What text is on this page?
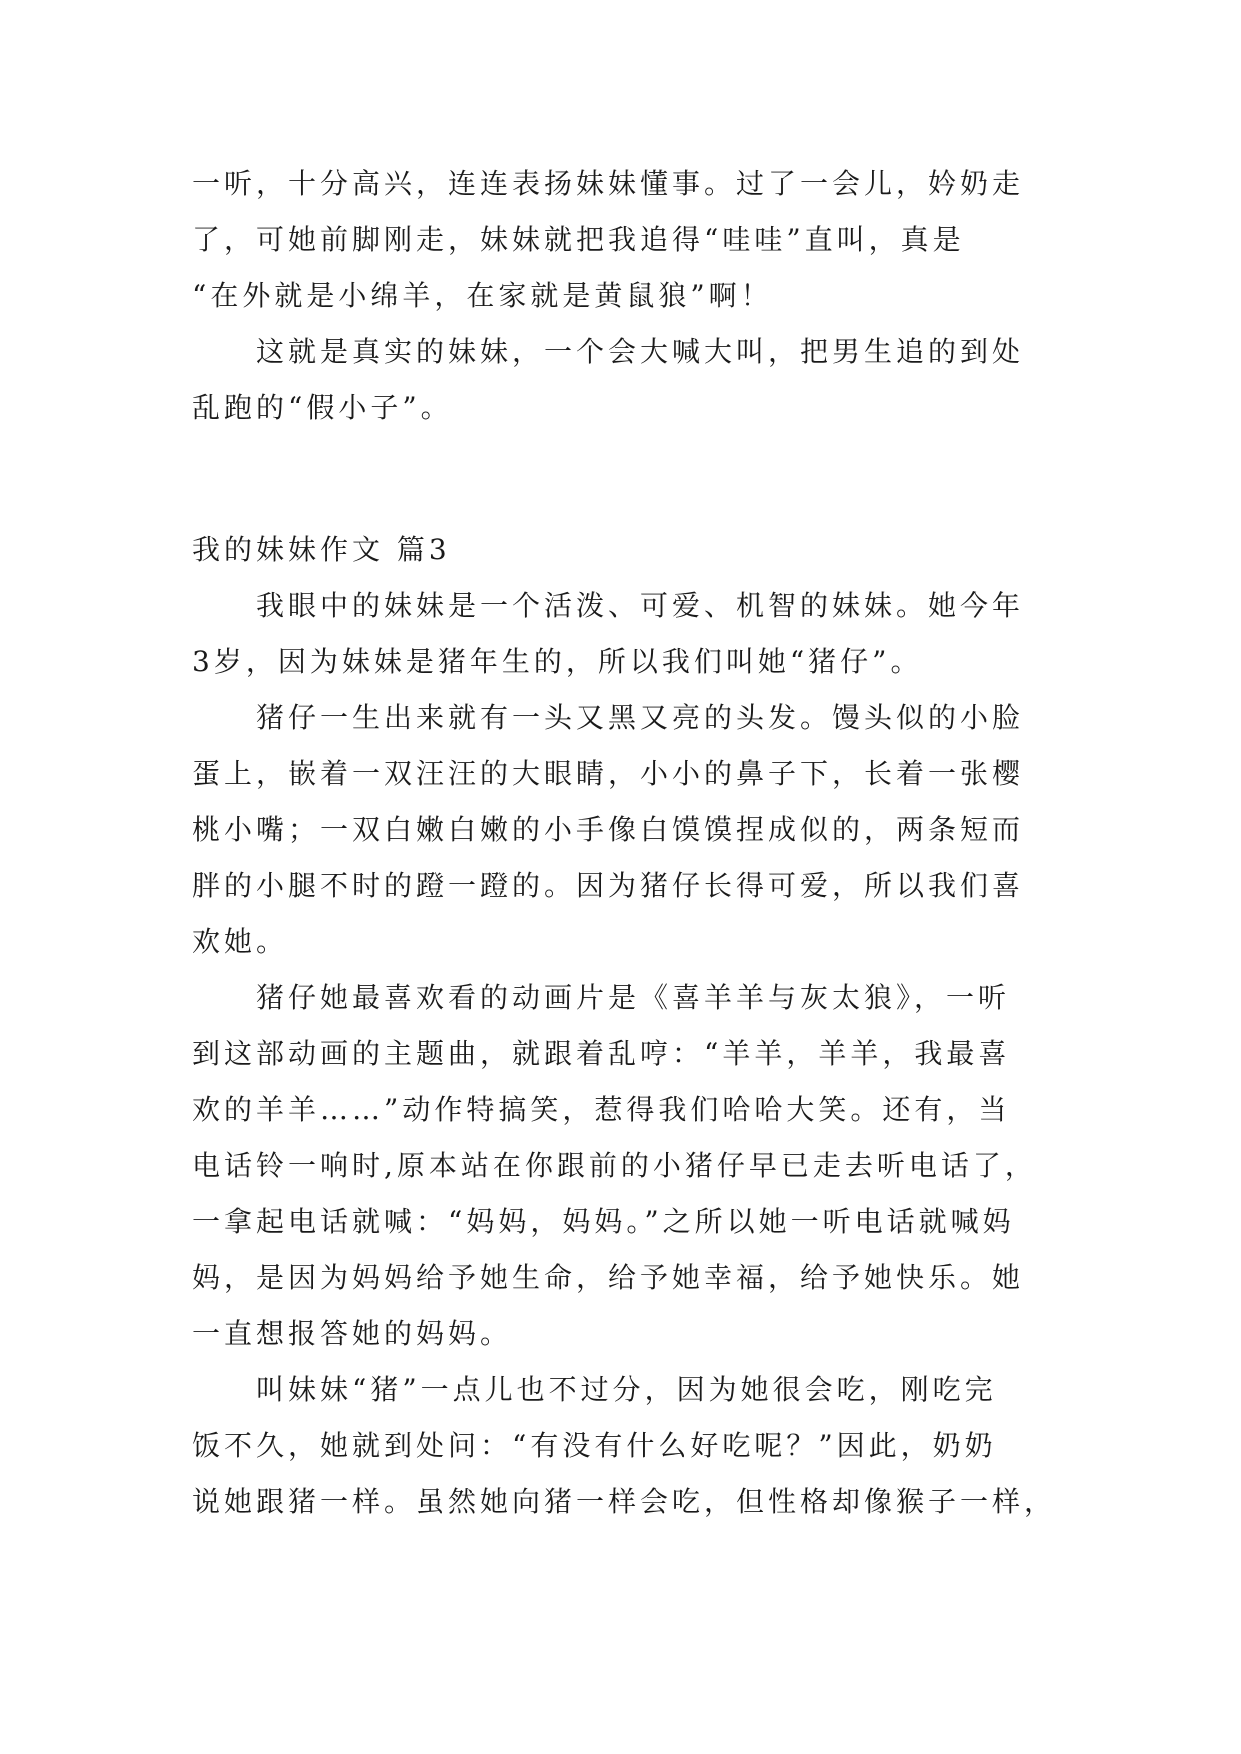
一听，十分高兴，连连表扬妹妹懂事。过了一会儿，妗奶走
了，可她前脚刚走，妹妹就把我追得“哇哇”直叫，真是
“在外就是小绵羊，在家就是黄鼠狼”啊！

这就是真实的妹妹，一个会大喊大叫，把男生追的到处
乱跑的“假小子”。

我的妹妹作文 篇3

我眼中的妹妹是一个活泼、可爱、机智的妹妹。她今年
3岁，因为妹妹是猪年生的，所以我们叫她“猪仔”。

猪仔一生出来就有一头又黑又亮的头发。馒头似的小脸
蛋上，嵌着一双汪汪的大眼睛，小小的鼻子下，长着一张樱
桃小嘴；一双白嫩白嫩的小手像白馍馍捏成似的，两条短而
胖的小腿不时的蹬一蹬的。因为猪仔长得可爱，所以我们喜
欢她。

猪仔她最喜欢看的动画片是《喜羊羊与灰太狼》，一听
到这部动画的主题曲，就跟着乱哼：“羊羊，羊羊，我最喜
欢的羊羊……”动作特搞笑，惹得我们哈哈大笑。还有，当
电话铃一响时,原本站在你跟前的小猪仔早已走去听电话了，
一拿起电话就喊：“妈妈，妈妈。”之所以她一听电话就喊妈
妈，是因为妈妈给予她生命，给予她幸福，给予她快乐。她
一直想报答她的妈妈。

叫妹妹“猪”一点儿也不过分，因为她很会吃，刚吃完
饭不久，她就到处问：“有没有什么好吃呢？”因此，奶奶
说她跟猪一样。虽然她向猪一样会吃，但性格却像猴子一样，
